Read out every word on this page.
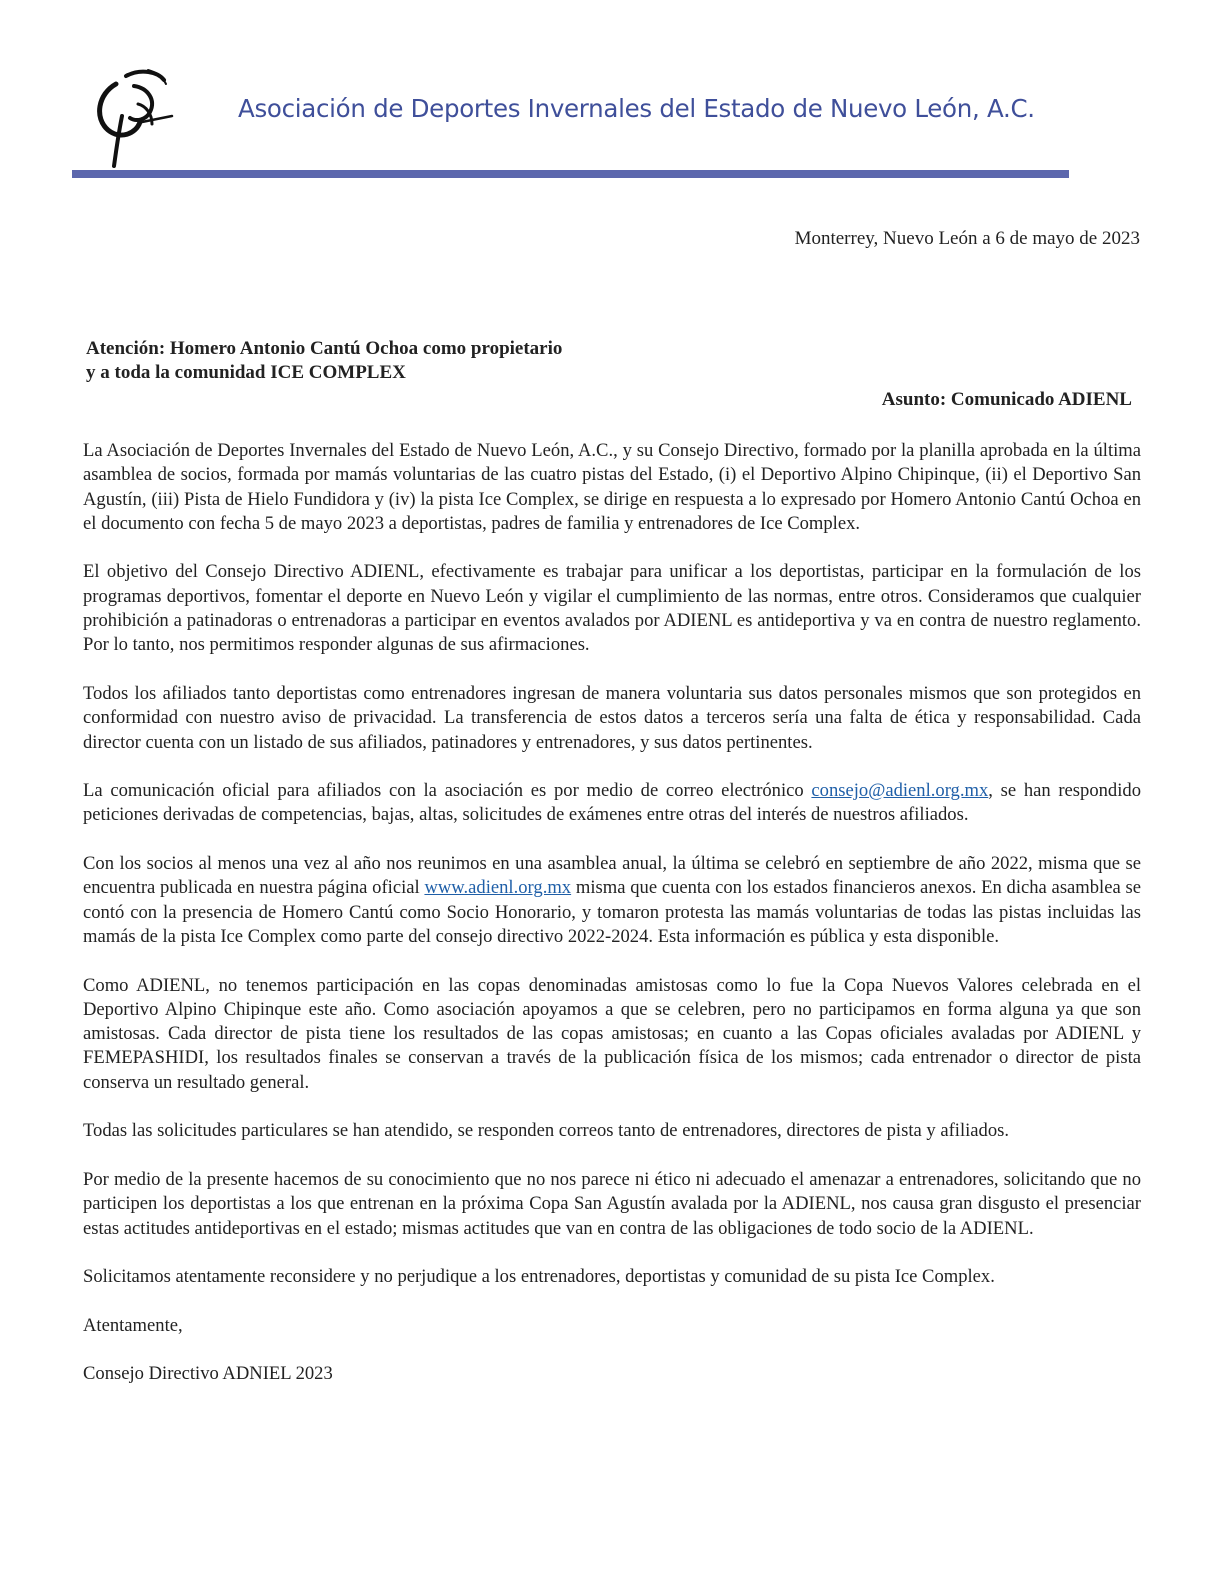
Asociación de Deportes Invernales del Estado de Nuevo León, A.C.
Monterrey, Nuevo León a 6 de mayo de 2023
Atención: Homero Antonio Cantú Ochoa como propietario
y a toda la comunidad ICE COMPLEX
Asunto: Comunicado ADIENL

La Asociación de Deportes Invernales del Estado de Nuevo León, A.C., y su Consejo Directivo, formado por la planilla aprobada en la última asamblea de socios, formada por mamás voluntarias de las cuatro pistas del Estado, (i) el Deportivo Alpino Chipinque, (ii) el Deportivo San Agustín, (iii) Pista de Hielo Fundidora y (iv) la pista Ice Complex, se dirige en respuesta a lo expresado por Homero Antonio Cantú Ochoa en el documento con fecha 5 de mayo 2023 a deportistas, padres de familia y entrenadores de Ice Complex.

El objetivo del Consejo Directivo ADIENL, efectivamente es trabajar para unificar a los deportistas, participar en la formulación de los programas deportivos, fomentar el deporte en Nuevo León y vigilar el cumplimiento de las normas, entre otros. Consideramos que cualquier prohibición a patinadoras o entrenadoras a participar en eventos avalados por ADIENL es antideportiva y va en contra de nuestro reglamento. Por lo tanto, nos permitimos responder algunas de sus afirmaciones.

Todos los afiliados tanto deportistas como entrenadores ingresan de manera voluntaria sus datos personales mismos que son protegidos en conformidad con nuestro aviso de privacidad. La transferencia de estos datos a terceros sería una falta de ética y responsabilidad. Cada director cuenta con un listado de sus afiliados, patinadores y entrenadores, y sus datos pertinentes.

La comunicación oficial para afiliados con la asociación es por medio de correo electrónico consejo@adienl.org.mx, se han respondido peticiones derivadas de competencias, bajas, altas, solicitudes de exámenes entre otras del interés de nuestros afiliados.

Con los socios al menos una vez al año nos reunimos en una asamblea anual, la última se celebró en septiembre de año 2022, misma que se encuentra publicada en nuestra página oficial www.adienl.org.mx misma que cuenta con los estados financieros anexos. En dicha asamblea se contó con la presencia de Homero Cantú como Socio Honorario, y tomaron protesta las mamás voluntarias de todas las pistas incluidas las mamás de la pista Ice Complex como parte del consejo directivo 2022-2024. Esta información es pública y esta disponible.

Como ADIENL, no tenemos participación en las copas denominadas amistosas como lo fue la Copa Nuevos Valores celebrada en el Deportivo Alpino Chipinque este año. Como asociación apoyamos a que se celebren, pero no participamos en forma alguna ya que son amistosas. Cada director de pista tiene los resultados de las copas amistosas; en cuanto a las Copas oficiales avaladas por ADIENL y FEMEPASHIDI, los resultados finales se conservan a través de la publicación física de los mismos; cada entrenador o director de pista conserva un resultado general.

Todas las solicitudes particulares se han atendido, se responden correos tanto de entrenadores, directores de pista y afiliados.

Por medio de la presente hacemos de su conocimiento que no nos parece ni ético ni adecuado el amenazar a entrenadores, solicitando que no participen los deportistas a los que entrenan en la próxima Copa San Agustín avalada por la ADIENL, nos causa gran disgusto el presenciar estas actitudes antideportivas en el estado; mismas actitudes que van en contra de las obligaciones de todo socio de la ADIENL.

Solicitamos atentamente reconsidere y no perjudique a los entrenadores, deportistas y comunidad de su pista Ice Complex.

Atentamente,
Consejo Directivo ADNIEL 2023
